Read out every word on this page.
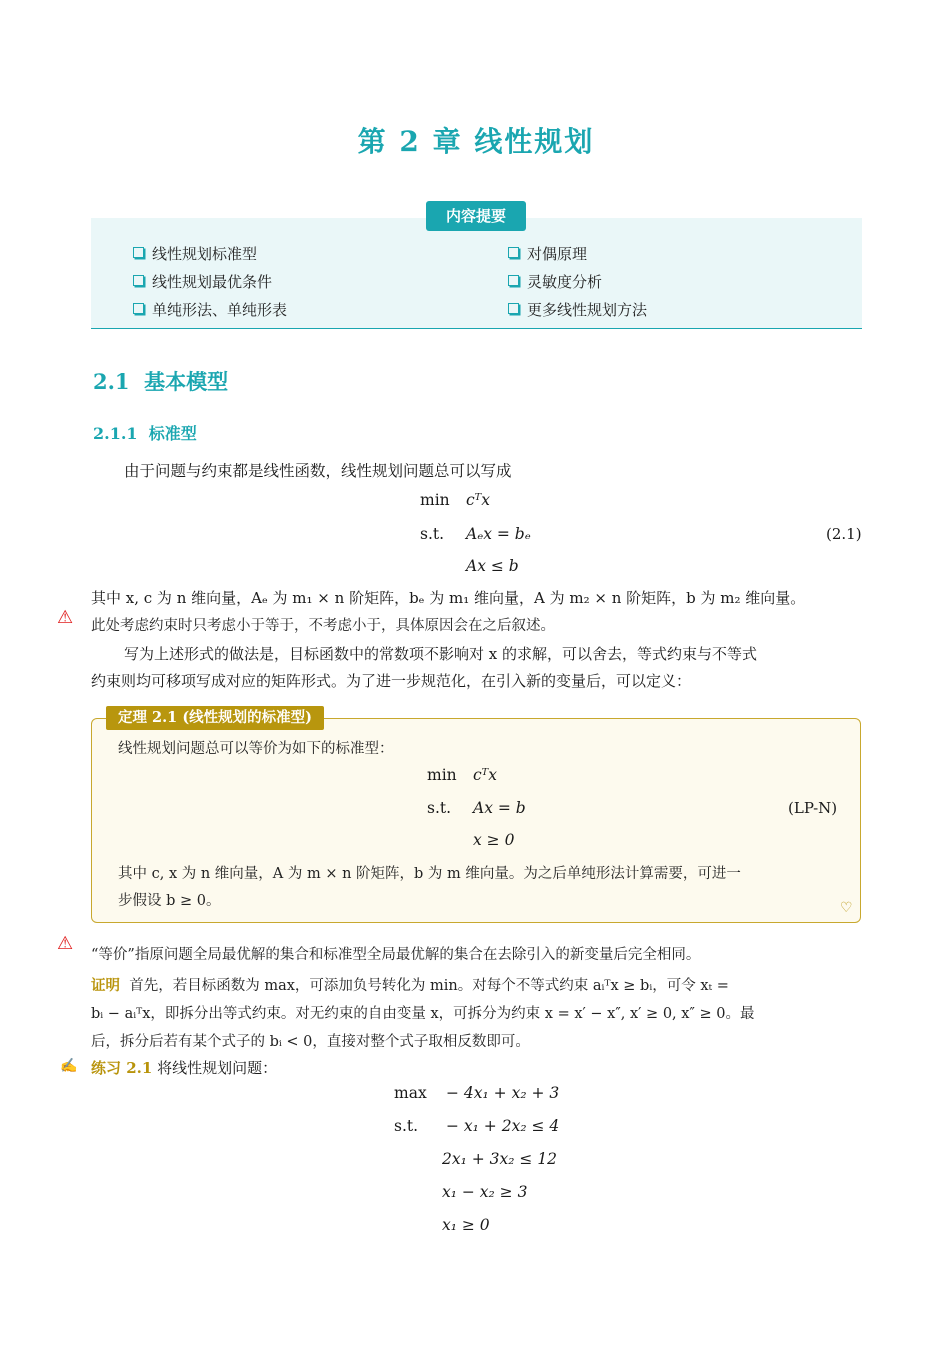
第 2 章 线性规划
内容提要
线性规划标准型
线性规划最优条件
单纯形法、单纯形表
对偶原理
灵敏度分析
更多线性规划方法
2.1 基本模型
2.1.1 标准型
由于问题与约束都是线性函数，线性规划问题总可以写成
min cᵀx
s.t. Aₑx = bₑ
Ax ≤ b
(2.1)
其中 x, c 为 n 维向量，Aₑ 为 m₁ × n 阶矩阵，bₑ 为 m₁ 维向量，A 为 m₂ × n 阶矩阵，b 为 m₂ 维向量。
⚠ 此处考虑约束时只考虑小于等于，不考虑小于，具体原因会在之后叙述。
写为上述形式的做法是，目标函数中的常数项不影响对 x 的求解，可以舍去，等式约束与不等式
约束则均可移项写成对应的矩阵形式。为了进一步规范化，在引入新的变量后，可以定义：
定理 2.1 (线性规划的标准型)
线性规划问题总可以等价为如下的标准型：
min cᵀx
s.t. Ax = b
x ≥ 0
(LP-N)
其中 c, x 为 n 维向量，A 为 m × n 阶矩阵，b 为 m 维向量。为之后单纯形法计算需要，可进一
步假设 b ≥ 0。	♡
⚠
“等价”指原问题全局最优解的集合和标准型全局最优解的集合在去除引入的新变量后完全相同。
证明 首先，若目标函数为 max，可添加负号转化为 min。对每个不等式约束 aᵢᵀx ≥ bᵢ，可令 xₜ =
bᵢ − aᵢᵀx，即拆分出等式约束。对无约束的自由变量 x，可拆分为约束 x = x′ − x″, x′ ≥ 0, x″ ≥ 0。最
后，拆分后若有某个式子的 bᵢ < 0，直接对整个式子取相反数即可。
✍ 练习 2.1 将线性规划问题：
max − 4x₁ + x₂ + 3
s.t. − x₁ + 2x₂ ≤ 4
2x₁ + 3x₂ ≤ 12
x₁ − x₂ ≥ 3
x₁ ≥ 0
